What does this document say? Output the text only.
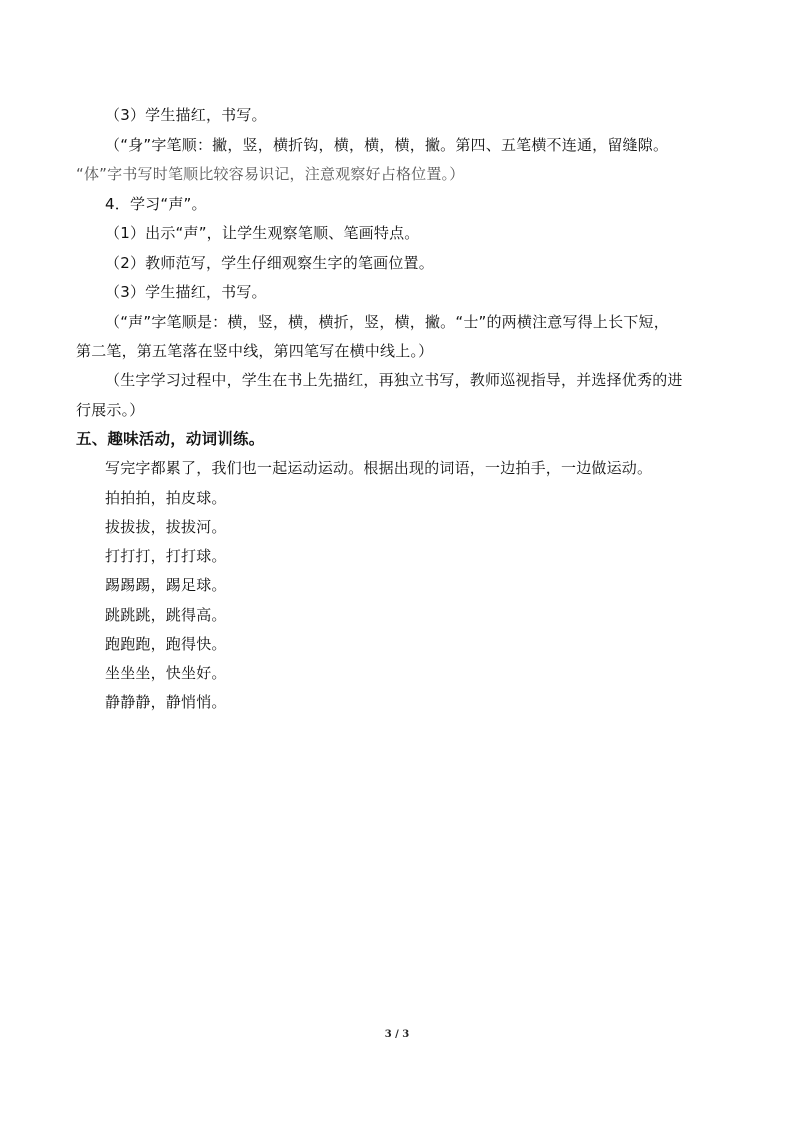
（3）学生描红，书写。
（“身”字笔顺：撇，竖，横折钩，横，横，横，撇。第四、五笔横不连通，留缝隙。
“体”字书写时笔顺比较容易识记，注意观察好占格位置。）
4．学习“声”。
（1）出示“声”，让学生观察笔顺、笔画特点。
（2）教师范写，学生仔细观察生字的笔画位置。
（3）学生描红，书写。
（“声”字笔顺是：横，竖，横，横折，竖，横，撇。“士”的两横注意写得上长下短，
第二笔，第五笔落在竖中线，第四笔写在横中线上。）
（生字学习过程中，学生在书上先描红，再独立书写，教师巡视指导，并选择优秀的进
行展示。）
五、趣味活动，动词训练。
写完字都累了，我们也一起运动运动。根据出现的词语，一边拍手，一边做运动。
拍拍拍，拍皮球。
拔拔拔，拔拔河。
打打打，打打球。
踢踢踢，踢足球。
跳跳跳，跳得高。
跑跑跑，跑得快。
坐坐坐，快坐好。
静静静，静悄悄。
3 / 3
